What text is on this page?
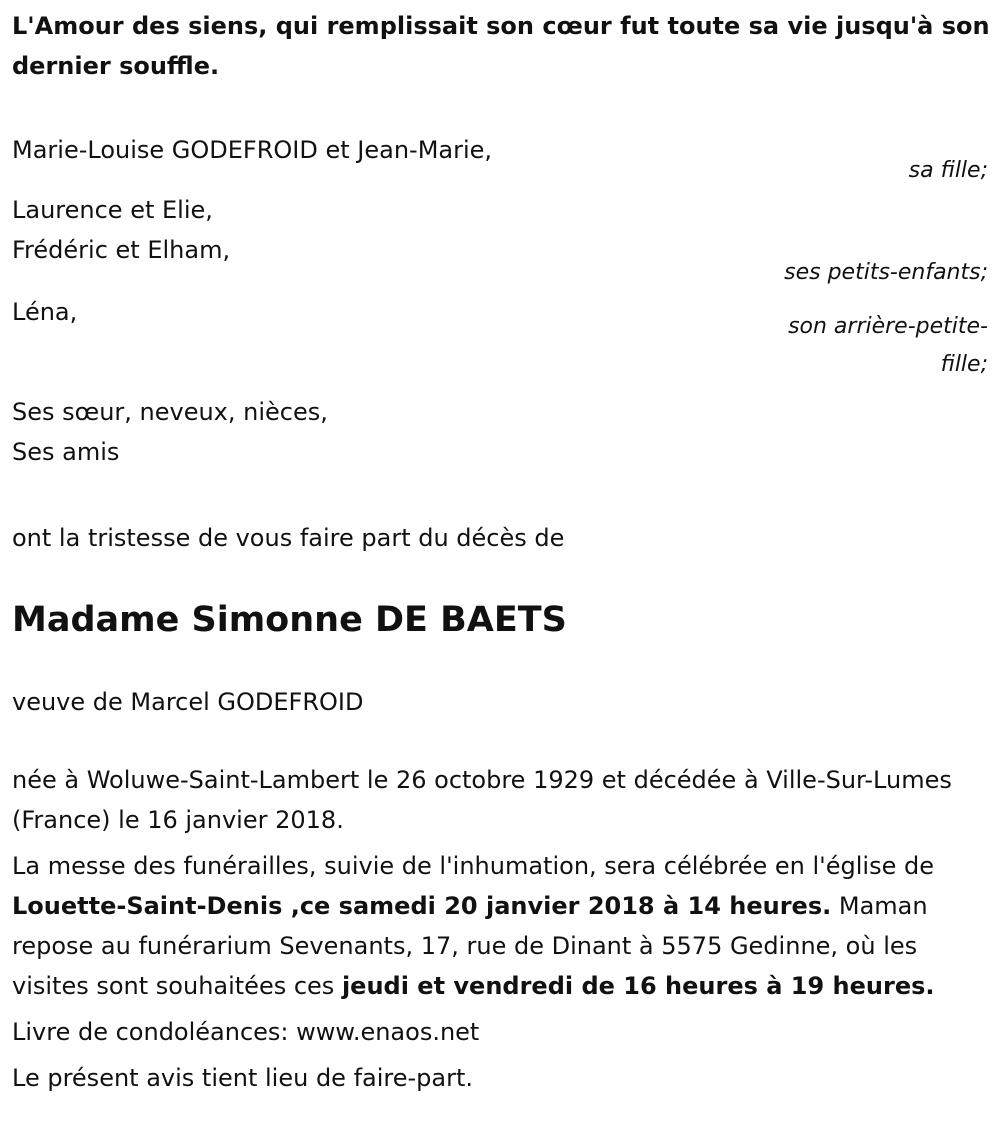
L'Amour des siens, qui remplissait son cœur fut toute sa vie jusqu'à son dernier souffle.

Marie-Louise GODEFROID et Jean-Marie,
sa fille;
Laurence et Elie,
Frédéric et Elham,
ses petits-enfants;
Léna,
son arrière-petite-fille;
Ses sœur, neveux, nièces,
Ses amis
ont la tristesse de vous faire part du décès de
Madame Simonne DE BAETS
veuve de Marcel GODEFROID
née à Woluwe-Saint-Lambert le 26 octobre 1929 et décédée à Ville-Sur-Lumes (France) le 16 janvier 2018.
La messe des funérailles, suivie de l'inhumation, sera célébrée en l'église de Louette-Saint-Denis ,ce samedi 20 janvier 2018 à 14 heures. Maman repose au funérarium Sevenants, 17, rue de Dinant à 5575 Gedinne, où les visites sont souhaitées ces jeudi et vendredi de 16 heures à 19 heures.
Livre de condoléances: www.enaos.net
Le présent avis tient lieu de faire-part.
